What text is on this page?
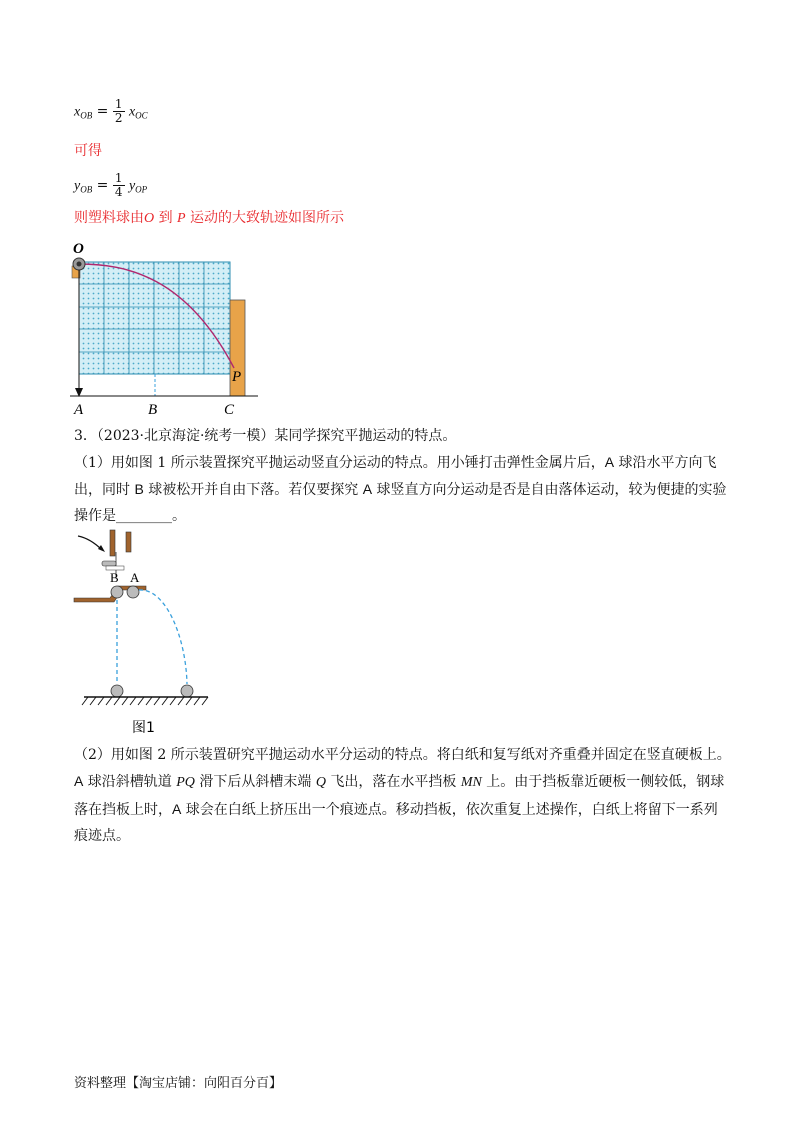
$x_{OB} = \frac{1}{2} x_{OC}$
可得
$y_{OB} = \frac{1}{4} y_{OP}$
则塑料球由O 到 P 运动的大致轨迹如图所示
O
P
A	B	C
3．（2023·北京海淀·统考一模）某同学探究平抛运动的特点。
（1）用如图 1 所示装置探究平抛运动竖直分运动的特点。用小锤打击弹性金属片后，A 球沿水平方向飞
出，同时 B 球被松开并自由下落。若仅要探究 A 球竖直方向分运动是否是自由落体运动，较为便捷的实验
操作是________。
B A
图1
（2）用如图 2 所示装置研究平抛运动水平分运动的特点。将白纸和复写纸对齐重叠并固定在竖直硬板上。
A 球沿斜槽轨道 PQ 滑下后从斜槽末端 Q 飞出，落在水平挡板 MN 上。由于挡板靠近硬板一侧较低，钢球
落在挡板上时，A 球会在白纸上挤压出一个痕迹点。移动挡板，依次重复上述操作，白纸上将留下一系列
痕迹点。
资料整理【淘宝店铺：向阳百分百】
